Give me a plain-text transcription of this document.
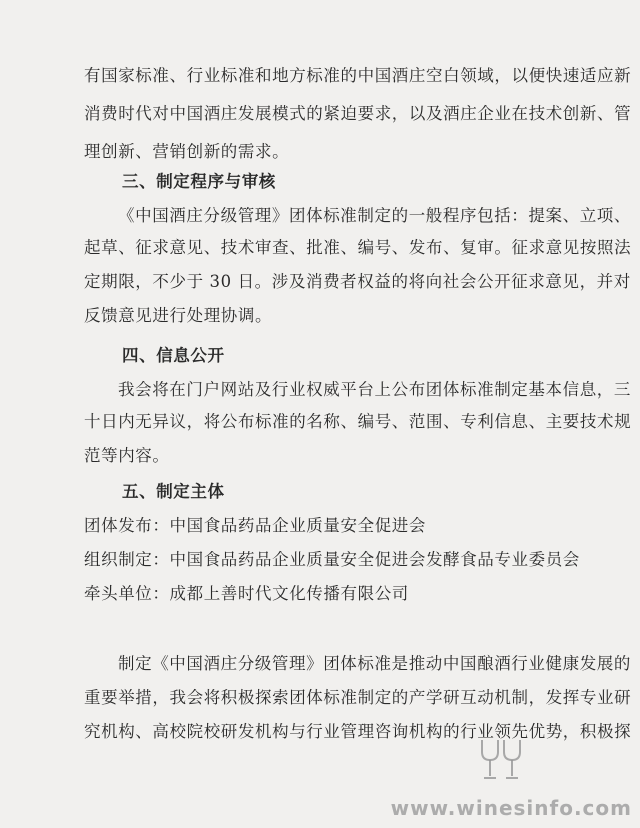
有国家标准、行业标准和地方标准的中国酒庄空白领域，以便快速适应新
消费时代对中国酒庄发展模式的紧迫要求，以及酒庄企业在技术创新、管
理创新、营销创新的需求。
三、制定程序与审核
《中国酒庄分级管理》团体标准制定的一般程序包括：提案、立项、
起草、征求意见、技术审查、批准、编号、发布、复审。征求意见按照法
定期限，不少于 30 日。涉及消费者权益的将向社会公开征求意见，并对
反馈意见进行处理协调。
四、信息公开
我会将在门户网站及行业权威平台上公布团体标准制定基本信息，三
十日内无异议，将公布标准的名称、编号、范围、专利信息、主要技术规
范等内容。
五、制定主体
团体发布：中国食品药品企业质量安全促进会
组织制定：中国食品药品企业质量安全促进会发酵食品专业委员会
牵头单位：成都上善时代文化传播有限公司
制定《中国酒庄分级管理》团体标准是推动中国酿酒行业健康发展的
重要举措，我会将积极探索团体标准制定的产学研互动机制，发挥专业研
究机构、高校院校研发机构与行业管理咨询机构的行业领先优势，积极探
www.winesinfo.com
